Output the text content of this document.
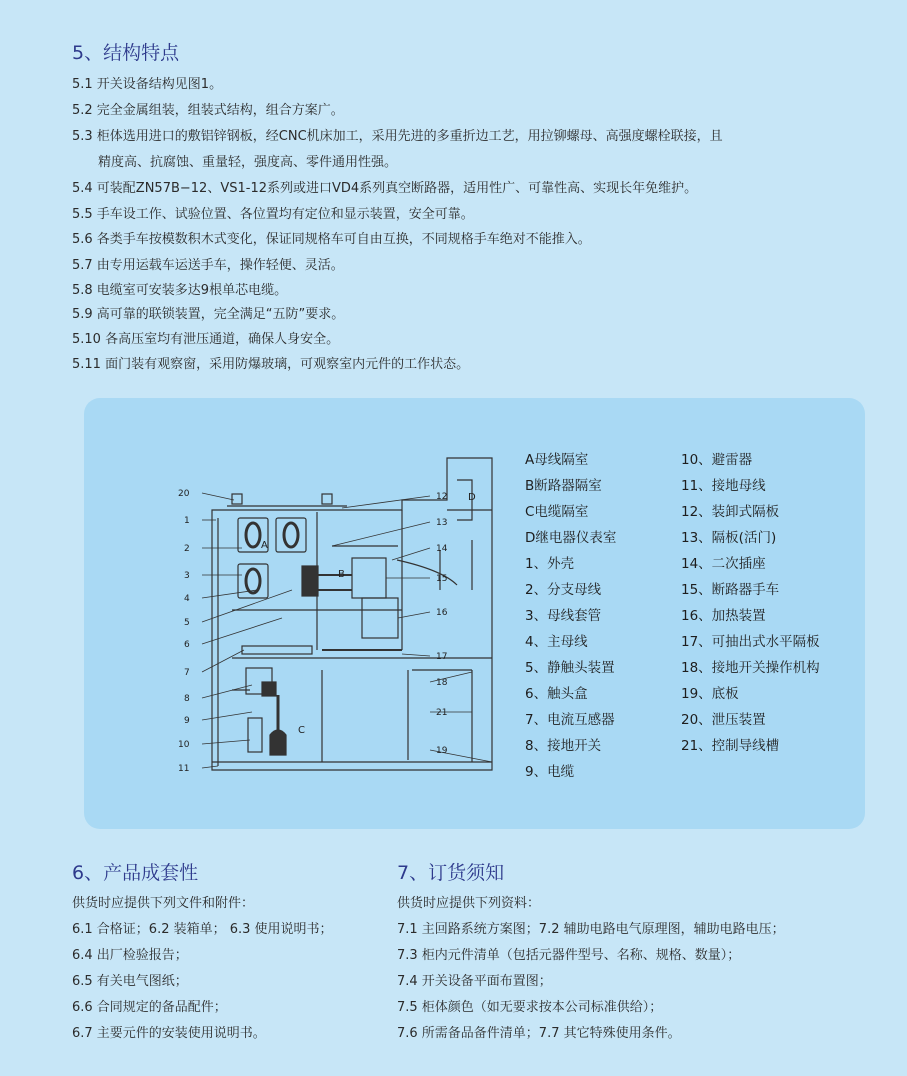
5、结构特点
5.1 开关设备结构见图1。
5.2 完全金属组装，组装式结构，组合方案广。
5.3 柜体选用进口的敷铝锌钢板，经CNC机床加工，采用先进的多重折边工艺，用拉铆螺母、高强度螺栓联接，且
精度高、抗腐蚀、重量轻，强度高、零件通用性强。
5.4 可装配ZN57B−12、VS1-12系列或进口VD4系列真空断路器，适用性广、可靠性高、实现长年免维护。
5.5 手车设工作、试验位置、各位置均有定位和显示装置，安全可靠。
5.6 各类手车按模数积木式变化，保证同规格车可自由互换，不同规格手车绝对不能推入。
5.7 由专用运载车运送手车，操作轻便、灵活。
5.8 电缆室可安装多达9根单芯电缆。
5.9 高可靠的联锁装置，完全满足“五防”要求。
5.10 各高压室均有泄压通道，确保人身安全。
5.11 面门装有观察窗，采用防爆玻璃，可观察室内元件的工作状态。
A
B
C
D
20
1
2
3
4
5
6
7
8
9
10
11
12
13
14
15
16
17
18
21
19
A母线隔室
B断路器隔室
C电缆隔室
D继电器仪表室
1、外壳
2、分支母线
3、母线套管
4、主母线
5、静触头装置
6、触头盒
7、电流互感器
8、接地开关
9、电缆
10、避雷器
11、接地母线
12、装卸式隔板
13、隔板(活门)
14、二次插座
15、断路器手车
16、加热装置
17、可抽出式水平隔板
18、接地开关操作机构
19、底板
20、泄压装置
21、控制导线槽
6、产品成套性
供货时应提供下列文件和附件：
6.1 合格证；6.2 装箱单； 6.3 使用说明书；
6.4 出厂检验报告；
6.5 有关电气图纸；
6.6 合同规定的备品配件；
6.7 主要元件的安装使用说明书。
7、订货须知
供货时应提供下列资料：
7.1 主回路系统方案图；7.2 辅助电路电气原理图，辅助电路电压；
7.3 柜内元件清单（包括元器件型号、名称、规格、数量）；
7.4 开关设备平面布置图；
7.5 柜体颜色（如无要求按本公司标准供给）；
7.6 所需备品备件清单；7.7 其它特殊使用条件。
